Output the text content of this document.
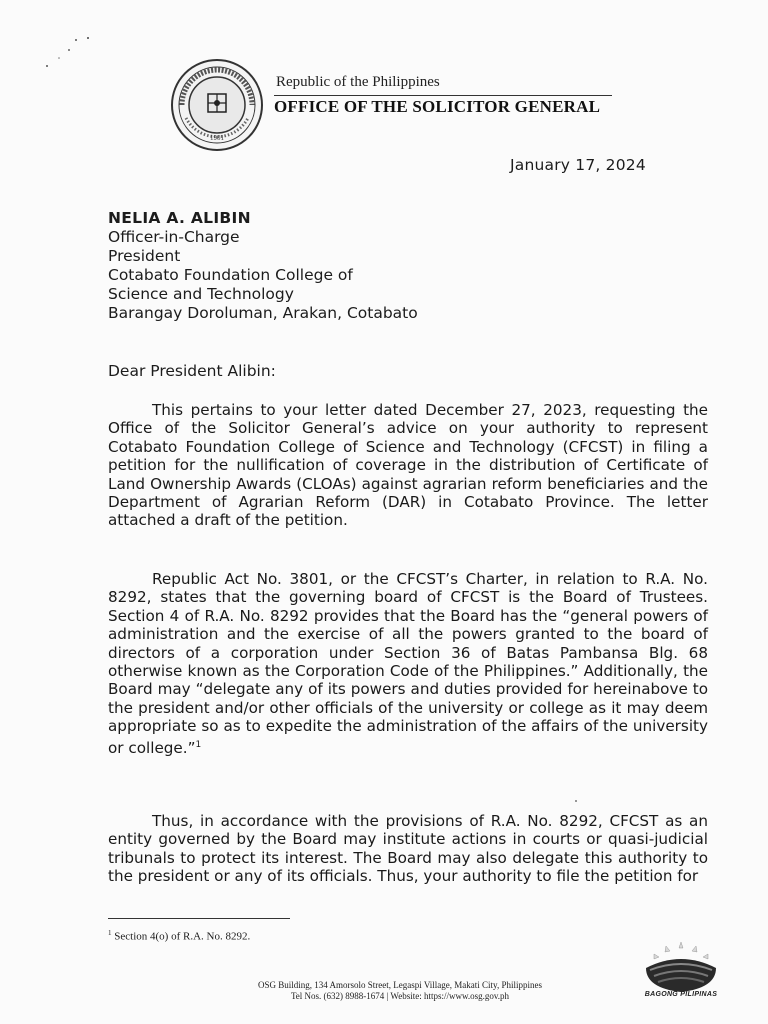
1901
Republic of the Philippines
OFFICE OF THE SOLICITOR GENERAL
January 17, 2024
NELIA A. ALIBIN
Officer-in-Charge
President
Cotabato Foundation College of
Science and Technology
Barangay Doroluman, Arakan, Cotabato
Dear President Alibin:
This pertains to your letter dated December 27, 2023, requesting the Office of the Solicitor General’s advice on your authority to represent Cotabato Foundation College of Science and Technology (CFCST) in filing a petition for the nullification of coverage in the distribution of Certificate of Land Ownership Awards (CLOAs) against agrarian reform beneficiaries and the Department of Agrarian Reform (DAR) in Cotabato Province. The letter attached a draft of the petition.
Republic Act No. 3801, or the CFCST’s Charter, in relation to R.A. No. 8292, states that the governing board of CFCST is the Board of Trustees. Section 4 of R.A. No. 8292 provides that the Board has the “general powers of administration and the exercise of all the powers granted to the board of directors of a corporation under Section 36 of Batas Pambansa Blg. 68 otherwise known as the Corporation Code of the Philippines.” Additionally, the Board may “delegate any of its powers and duties provided for hereinabove to the president and/or other officials of the university or college as it may deem appropriate so as to expedite the administration of the affairs of the university or college.”$^1$
Thus, in accordance with the provisions of R.A. No. 8292, CFCST as an entity governed by the Board may institute actions in courts or quasi-judicial tribunals to protect its interest. The Board may also delegate this authority to the president or any of its officials. Thus, your authority to file the petition for
$^1$ Section 4(o) of R.A. No. 8292.
OSG Building, 134 Amorsolo Street, Legaspi Village, Makati City, Philippines
Tel Nos. (632) 8988-1674 | Website: https://www.osg.gov.ph	BAGONG PILIPINAS
